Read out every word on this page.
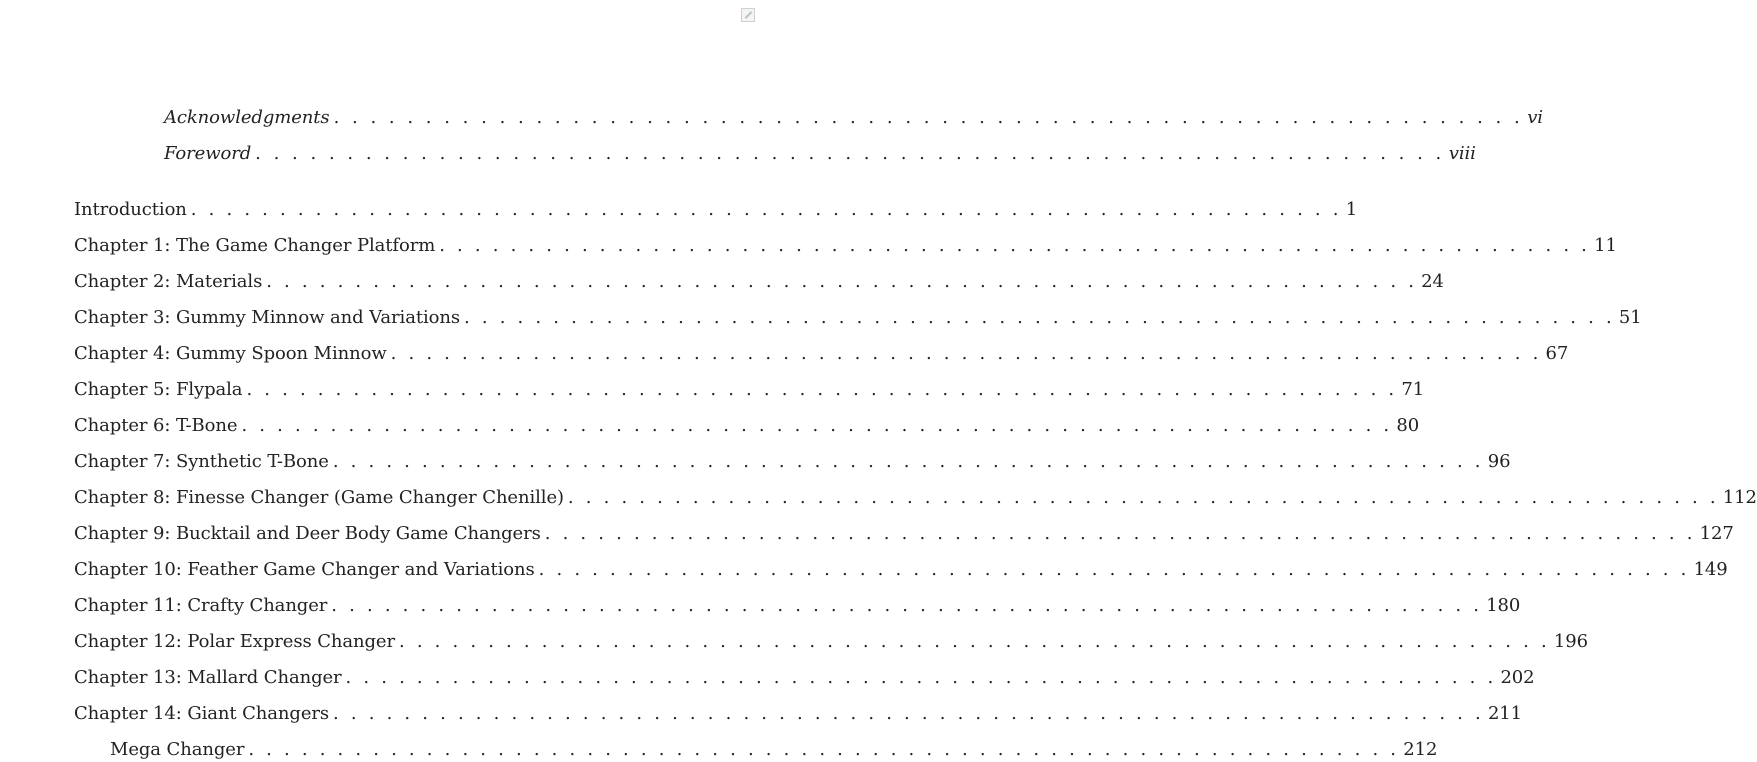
Acknowledgments . . . . . . . . . . . . . . . . . . . . . . . . . . . . . . . . . . . . . . . . . . . . . . . . . . . . . . . . . . . . . . . . . vi
Foreword . . . . . . . . . . . . . . . . . . . . . . . . . . . . . . . . . . . . . . . . . . . . . . . . . . . . . . . . . . . . . . . . . viii
Introduction . . . . . . . . . . . . . . . . . . . . . . . . . . . . . . . . . . . . . . . . . . . . . . . . . . . . . . . . . . . . . . . . . 1
Chapter 1: The Game Changer Platform . . . . . . . . . . . . . . . . . . . . . . . . . . . . . . . . . . . . . . . . . . . . . . . . . . . . . . . . . . . . . . . . . 11
Chapter 2: Materials . . . . . . . . . . . . . . . . . . . . . . . . . . . . . . . . . . . . . . . . . . . . . . . . . . . . . . . . . . . . . . . . . 24
Chapter 3: Gummy Minnow and Variations . . . . . . . . . . . . . . . . . . . . . . . . . . . . . . . . . . . . . . . . . . . . . . . . . . . . . . . . . . . . . . . . . 51
Chapter 4: Gummy Spoon Minnow . . . . . . . . . . . . . . . . . . . . . . . . . . . . . . . . . . . . . . . . . . . . . . . . . . . . . . . . . . . . . . . . . 67
Chapter 5: Flypala . . . . . . . . . . . . . . . . . . . . . . . . . . . . . . . . . . . . . . . . . . . . . . . . . . . . . . . . . . . . . . . . . 71
Chapter 6: T-Bone . . . . . . . . . . . . . . . . . . . . . . . . . . . . . . . . . . . . . . . . . . . . . . . . . . . . . . . . . . . . . . . . . 80
Chapter 7: Synthetic T-Bone . . . . . . . . . . . . . . . . . . . . . . . . . . . . . . . . . . . . . . . . . . . . . . . . . . . . . . . . . . . . . . . . . 96
Chapter 8: Finesse Changer (Game Changer Chenille) . . . . . . . . . . . . . . . . . . . . . . . . . . . . . . . . . . . . . . . . . . . . . . . . . . . . . . . . . . . . . . . . . 112
Chapter 9: Bucktail and Deer Body Game Changers . . . . . . . . . . . . . . . . . . . . . . . . . . . . . . . . . . . . . . . . . . . . . . . . . . . . . . . . . . . . . . . . . 127
Chapter 10: Feather Game Changer and Variations . . . . . . . . . . . . . . . . . . . . . . . . . . . . . . . . . . . . . . . . . . . . . . . . . . . . . . . . . . . . . . . . . 149
Chapter 11: Crafty Changer . . . . . . . . . . . . . . . . . . . . . . . . . . . . . . . . . . . . . . . . . . . . . . . . . . . . . . . . . . . . . . . . . 180
Chapter 12: Polar Express Changer . . . . . . . . . . . . . . . . . . . . . . . . . . . . . . . . . . . . . . . . . . . . . . . . . . . . . . . . . . . . . . . . . 196
Chapter 13: Mallard Changer . . . . . . . . . . . . . . . . . . . . . . . . . . . . . . . . . . . . . . . . . . . . . . . . . . . . . . . . . . . . . . . . . 202
Chapter 14: Giant Changers . . . . . . . . . . . . . . . . . . . . . . . . . . . . . . . . . . . . . . . . . . . . . . . . . . . . . . . . . . . . . . . . . 211
Mega Changer . . . . . . . . . . . . . . . . . . . . . . . . . . . . . . . . . . . . . . . . . . . . . . . . . . . . . . . . . . . . . . . . . 212
